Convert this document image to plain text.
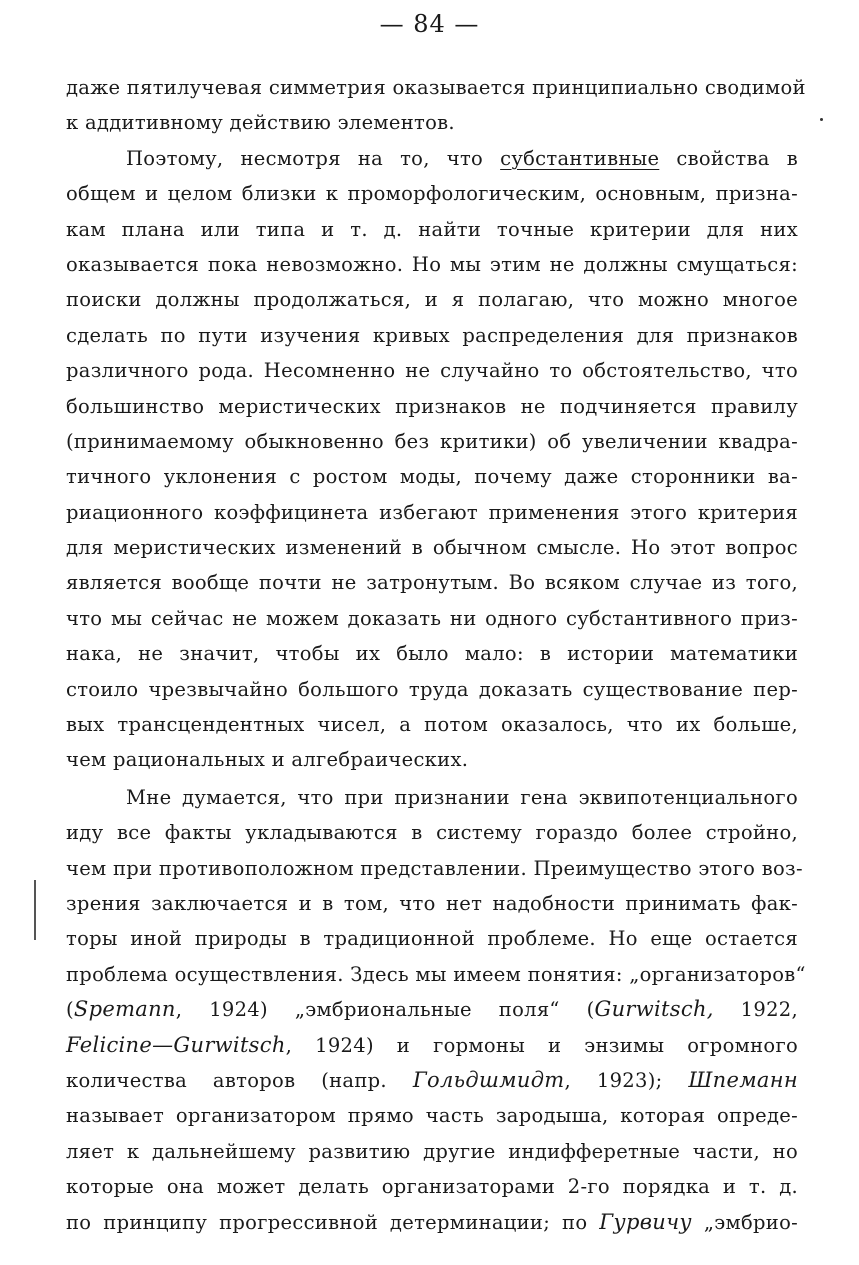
— 84 —
даже пятилучевая симметрия оказывается принципиально сводимой
к аддитивному действию элементов.
Поэтому, несмотря на то, что субстантивные свойства в
общем и целом близки к проморфологическим, основным, призна-
кам плана или типа и т. д. найти точные критерии для них
оказывается пока невозможно. Но мы этим не должны смущаться:
поиски должны продолжаться, и я полагаю, что можно многое
сделать по пути изучения кривых распределения для признаков
различного рода. Несомненно не случайно то обстоятельство, что
большинство меристических признаков не подчиняется правилу
(принимаемому обыкновенно без критики) об увеличении квадра-
тичного уклонения с ростом моды, почему даже сторонники ва-
риационного коэффицинета избегают применения этого критерия
для меристических изменений в обычном смысле. Но этот вопрос
является вообще почти не затронутым. Во всяком случае из того,
что мы сейчас не можем доказать ни одного субстантивного приз-
нака, не значит, чтобы их было мало: в истории математики
стоило чрезвычайно большого труда доказать существование пер-
вых трансцендентных чисел, а потом оказалось, что их больше,
чем рациональных и алгебраических.
Мне думается, что при признании гена эквипотенциального
иду все факты укладываются в систему гораздо более стройно,
чем при противоположном представлении. Преимущество этого воз-
зрения заключается и в том, что нет надобности принимать фак-
торы иной природы в традиционной проблеме. Но еще остается
проблема осуществления. Здесь мы имеем понятия: „организаторов“
(Spemann, 1924) „эмбриональные поля“ (Gurwitsch, 1922,
Felicine—Gurwitsch, 1924) и гормоны и энзимы огромного
количества авторов (напр. Гольдшмидт, 1923); Шпеманн
называет организатором прямо часть зародыша, которая опреде-
ляет к дальнейшему развитию другие индифферетные части, но
которые она может делать организаторами 2-го порядка и т. д.
по принципу прогрессивной детерминации; по Гурвичу „эмбрио-
